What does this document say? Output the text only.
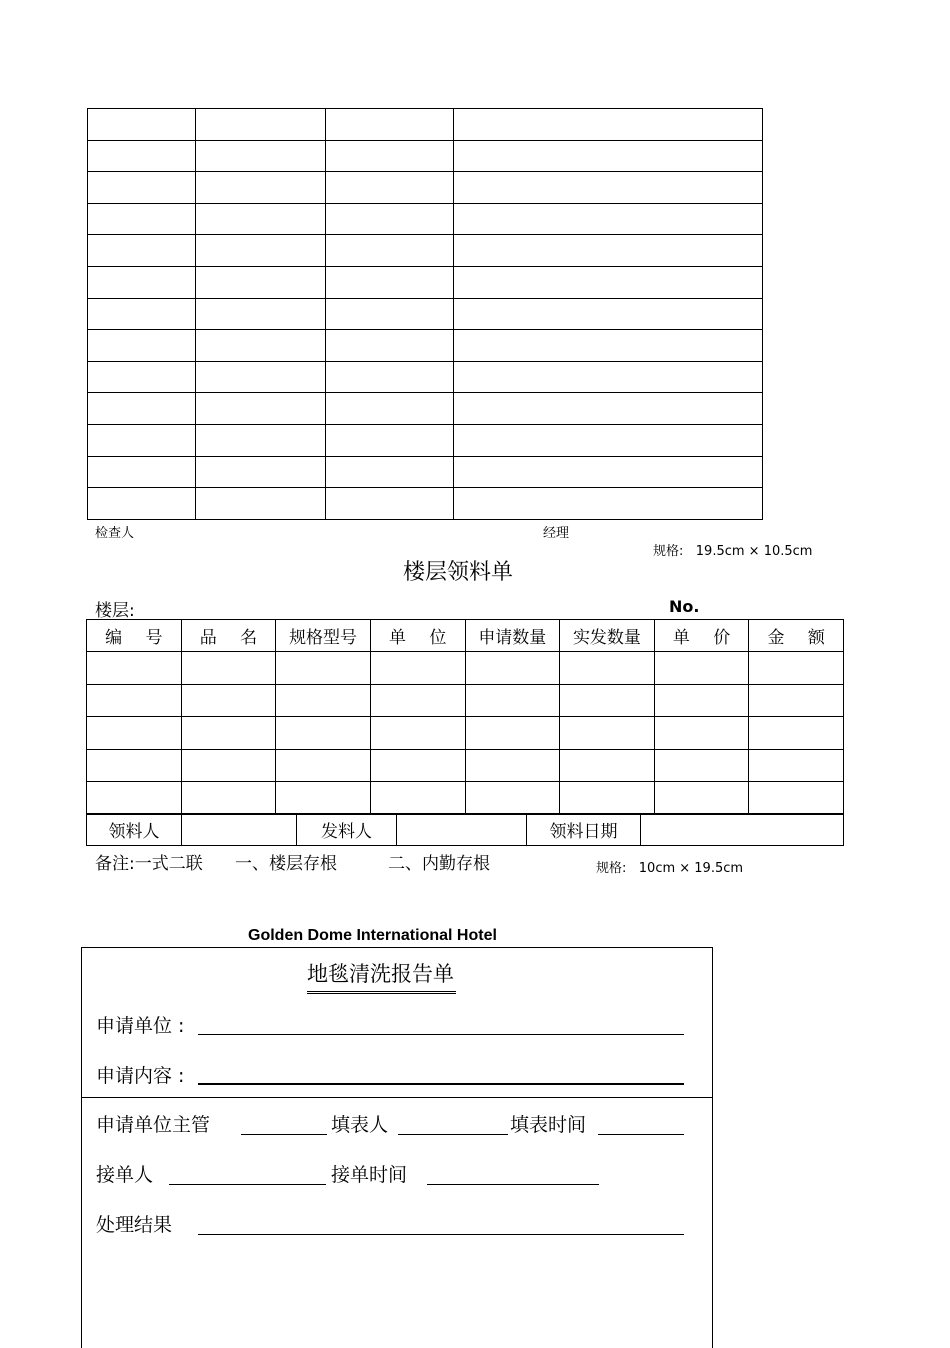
检查人	经理
规格:   19.5cm × 10.5cm
楼层领料单
楼层:	No.
编 号	品 名	规格型号	单 位	申请数量	实发数量	单 价	金 额

领料人		发料人		领料日期	
备注:一式二联 一、楼层存根	二、内勤存根	规格:   10cm × 19.5cm
Golden Dome International Hotel
地毯清洗报告单
申请单位 :
申请内容 :
申请单位主管	填表人	填表时间
接单人	接单时间
处理结果
